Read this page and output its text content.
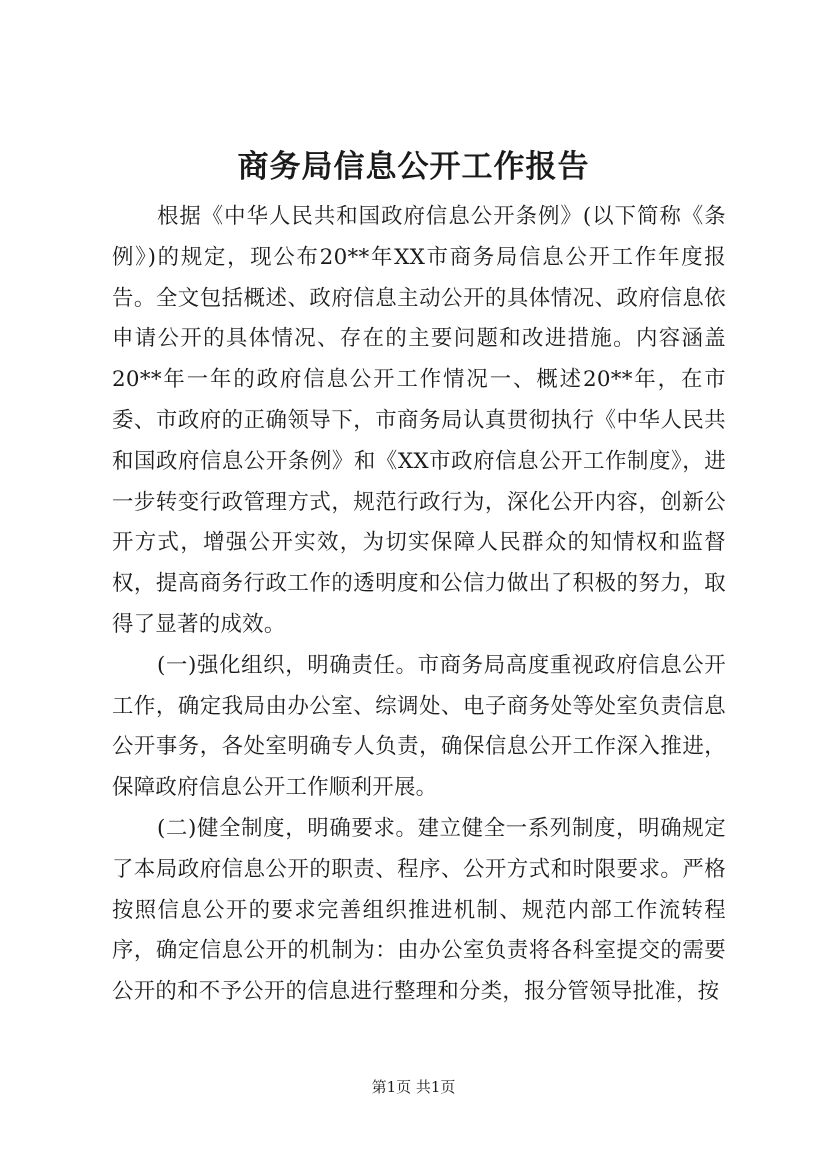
商务局信息公开工作报告

根据《中华人民共和国政府信息公开条例》(以下简称《条例》)的规定，现公布20**年XX市商务局信息公开工作年度报告。全文包括概述、政府信息主动公开的具体情况、政府信息依申请公开的具体情况、存在的主要问题和改进措施。内容涵盖20**年一年的政府信息公开工作情况一、概述20**年，在市委、市政府的正确领导下，市商务局认真贯彻执行《中华人民共和国政府信息公开条例》和《XX市政府信息公开工作制度》，进一步转变行政管理方式，规范行政行为，深化公开内容，创新公开方式，增强公开实效，为切实保障人民群众的知情权和监督权，提高商务行政工作的透明度和公信力做出了积极的努力，取得了显著的成效。

(一)强化组织，明确责任。市商务局高度重视政府信息公开工作，确定我局由办公室、综调处、电子商务处等处室负责信息公开事务，各处室明确专人负责，确保信息公开工作深入推进，保障政府信息公开工作顺利开展。

(二)健全制度，明确要求。建立健全一系列制度，明确规定了本局政府信息公开的职责、程序、公开方式和时限要求。严格按照信息公开的要求完善组织推进机制、规范内部工作流转程序，确定信息公开的机制为：由办公室负责将各科室提交的需要公开的和不予公开的信息进行整理和分类，报分管领导批准，按

第1页 共1页
